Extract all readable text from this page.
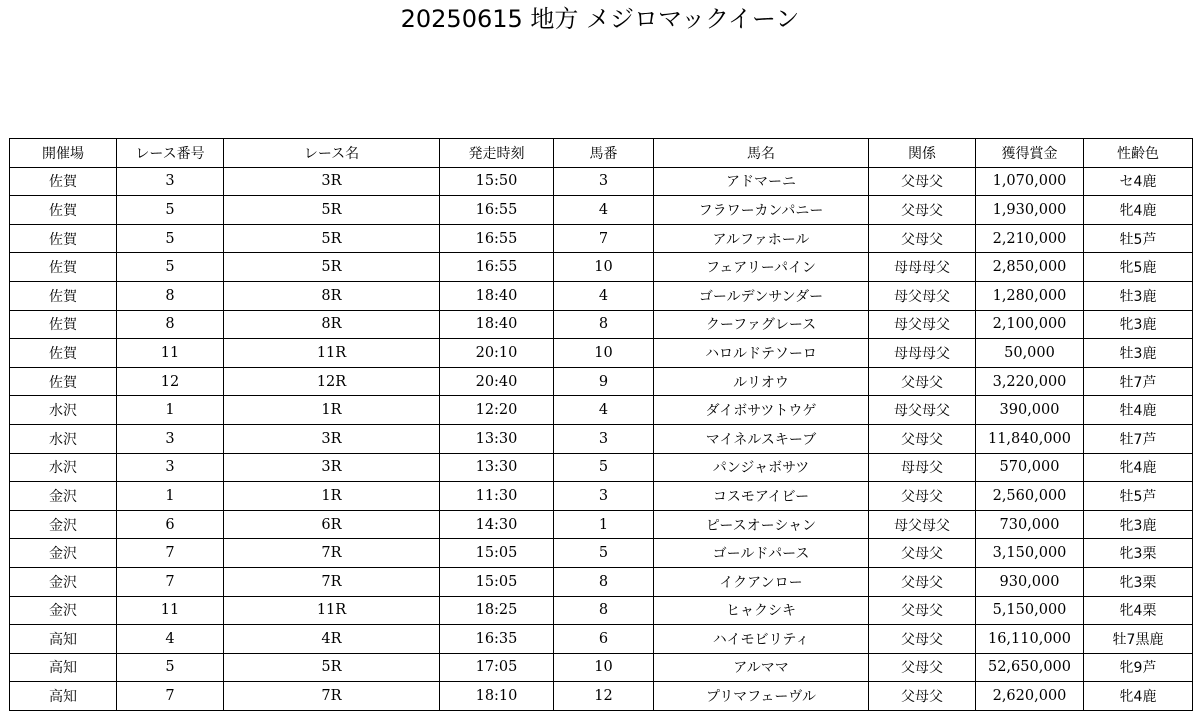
20250615 地方 メジロマックイーン
開催場	レース番号	レース名	発走時刻	馬番	馬名	関係	獲得賞金	性齢色
佐賀	3	3R	15:50	3	アドマーニ	父母父	1,070,000	セ4鹿
佐賀	5	5R	16:55	4	フラワーカンパニー	父母父	1,930,000	牝4鹿
佐賀	5	5R	16:55	7	アルファホール	父母父	2,210,000	牡5芦
佐賀	5	5R	16:55	10	フェアリーパイン	母母母父	2,850,000	牝5鹿
佐賀	8	8R	18:40	4	ゴールデンサンダー	母父母父	1,280,000	牡3鹿
佐賀	8	8R	18:40	8	クーファグレース	母父母父	2,100,000	牝3鹿
佐賀	11	11R	20:10	10	ハロルドテソーロ	母母母父	50,000	牡3鹿
佐賀	12	12R	20:40	9	ルリオウ	父母父	3,220,000	牡7芦
水沢	1	1R	12:20	4	ダイボサツトウゲ	母父母父	390,000	牡4鹿
水沢	3	3R	13:30	3	マイネルスキーブ	父母父	11,840,000	牡7芦
水沢	3	3R	13:30	5	パンジャボサツ	母母父	570,000	牝4鹿
金沢	1	1R	11:30	3	コスモアイビー	父母父	2,560,000	牡5芦
金沢	6	6R	14:30	1	ピースオーシャン	母父母父	730,000	牝3鹿
金沢	7	7R	15:05	5	ゴールドパース	父母父	3,150,000	牝3栗
金沢	7	7R	15:05	8	イクアンロー	父母父	930,000	牝3栗
金沢	11	11R	18:25	8	ヒャクシキ	父母父	5,150,000	牝4栗
高知	4	4R	16:35	6	ハイモビリティ	父母父	16,110,000	牡7黒鹿
高知	5	5R	17:05	10	アルママ	父母父	52,650,000	牝9芦
高知	7	7R	18:10	12	プリマフェーヴル	父母父	2,620,000	牝4鹿
